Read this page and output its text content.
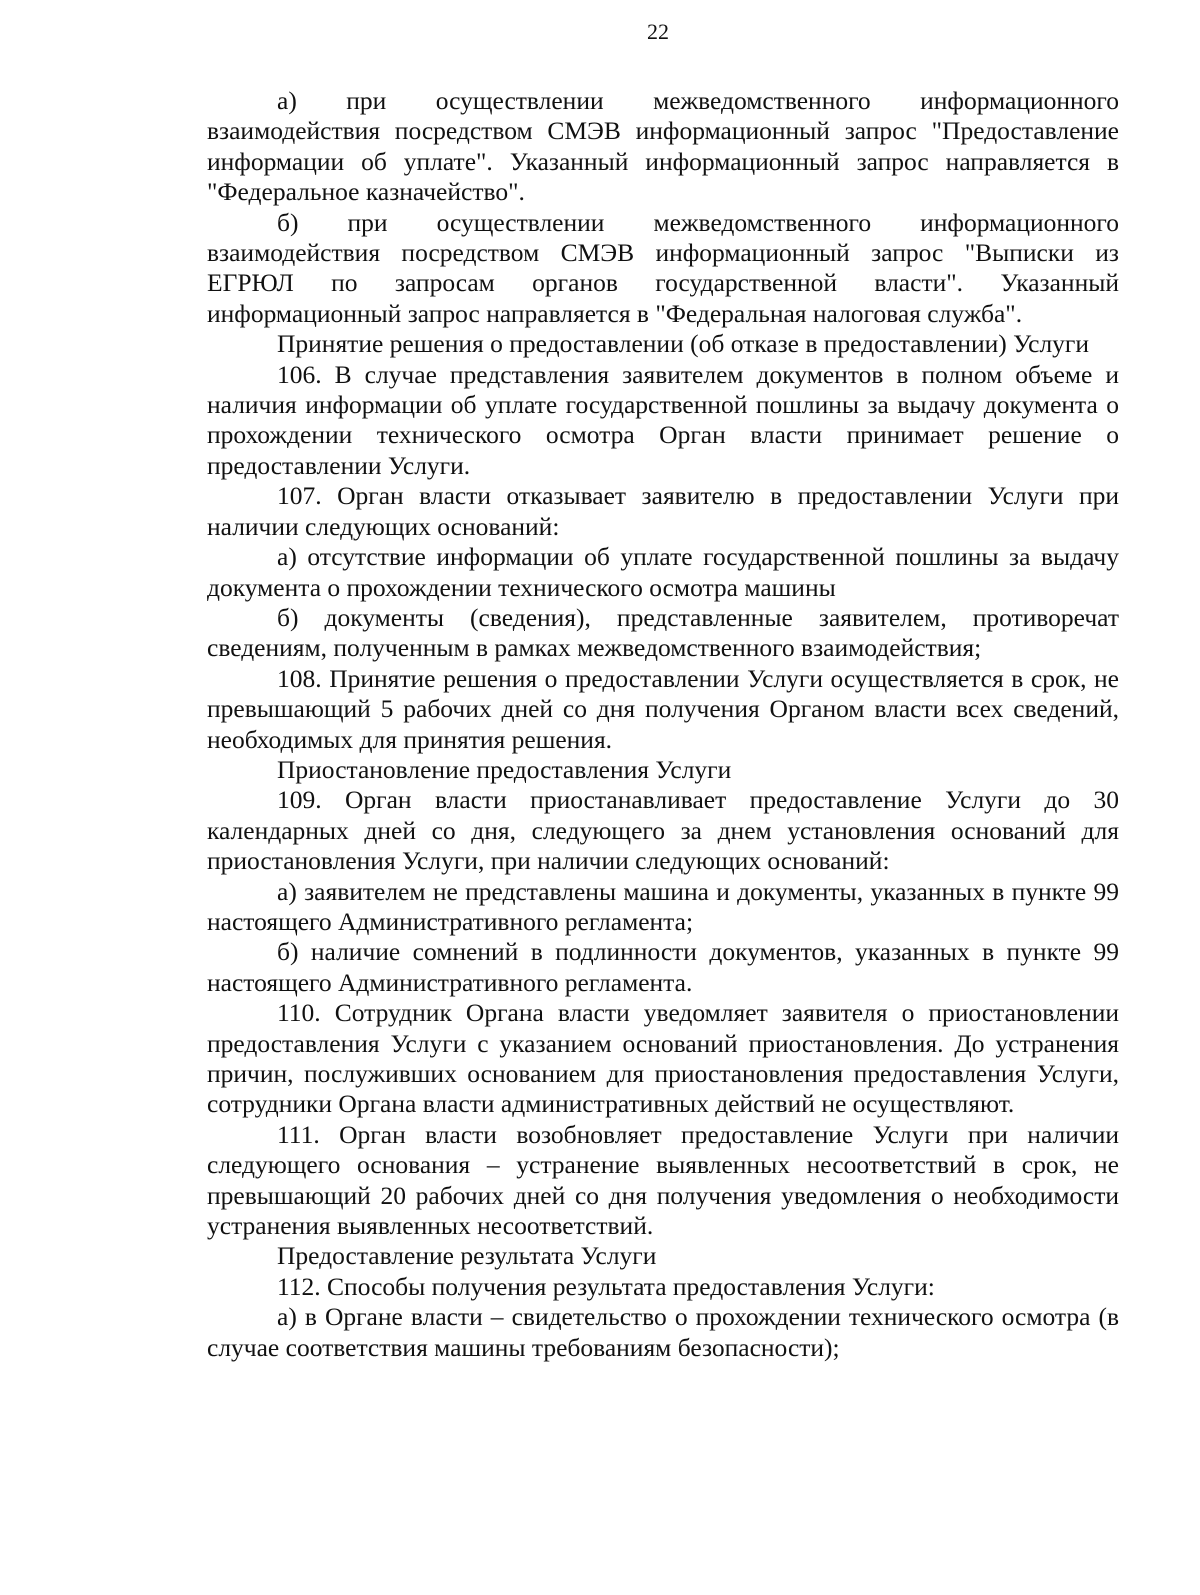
22

а) при осуществлении межведомственного информационного взаимодействия посредством СМЭВ информационный запрос "Предоставление информации об уплате". Указанный информационный запрос направляется в "Федеральное казначейство".

б) при осуществлении межведомственного информационного взаимодействия посредством СМЭВ информационный запрос "Выписки из ЕГРЮЛ по запросам органов государственной власти". Указанный информационный запрос направляется в "Федеральная налоговая служба".

Принятие решения о предоставлении (об отказе в предоставлении) Услуги

106. В случае представления заявителем документов в полном объеме и наличия информации об уплате государственной пошлины за выдачу документа о прохождении технического осмотра Орган власти принимает решение о предоставлении Услуги.

107. Орган власти отказывает заявителю в предоставлении Услуги при наличии следующих оснований:

а) отсутствие информации об уплате государственной пошлины за выдачу документа о прохождении технического осмотра машины

б) документы (сведения), представленные заявителем, противоречат сведениям, полученным в рамках межведомственного взаимодействия;

108. Принятие решения о предоставлении Услуги осуществляется в срок, не превышающий 5 рабочих дней со дня получения Органом власти всех сведений, необходимых для принятия решения.

Приостановление предоставления Услуги

109. Орган власти приостанавливает предоставление Услуги до 30 календарных дней со дня, следующего за днем установления оснований для приостановления Услуги, при наличии следующих оснований:

а) заявителем не представлены машина и документы, указанных в пункте 99 настоящего Административного регламента;

б) наличие сомнений в подлинности документов, указанных в пункте 99 настоящего Административного регламента.

110. Сотрудник Органа власти уведомляет заявителя о приостановлении предоставления Услуги с указанием оснований приостановления. До устранения причин, послуживших основанием для приостановления предоставления Услуги, сотрудники Органа власти административных действий не осуществляют.

111. Орган власти возобновляет предоставление Услуги при наличии следующего основания – устранение выявленных несоответствий в срок, не превышающий 20 рабочих дней со дня получения уведомления о необходимости устранения выявленных несоответствий.

Предоставление результата Услуги

112. Способы получения результата предоставления Услуги:

а) в Органе власти – свидетельство о прохождении технического осмотра (в случае соответствия машины требованиям безопасности);
